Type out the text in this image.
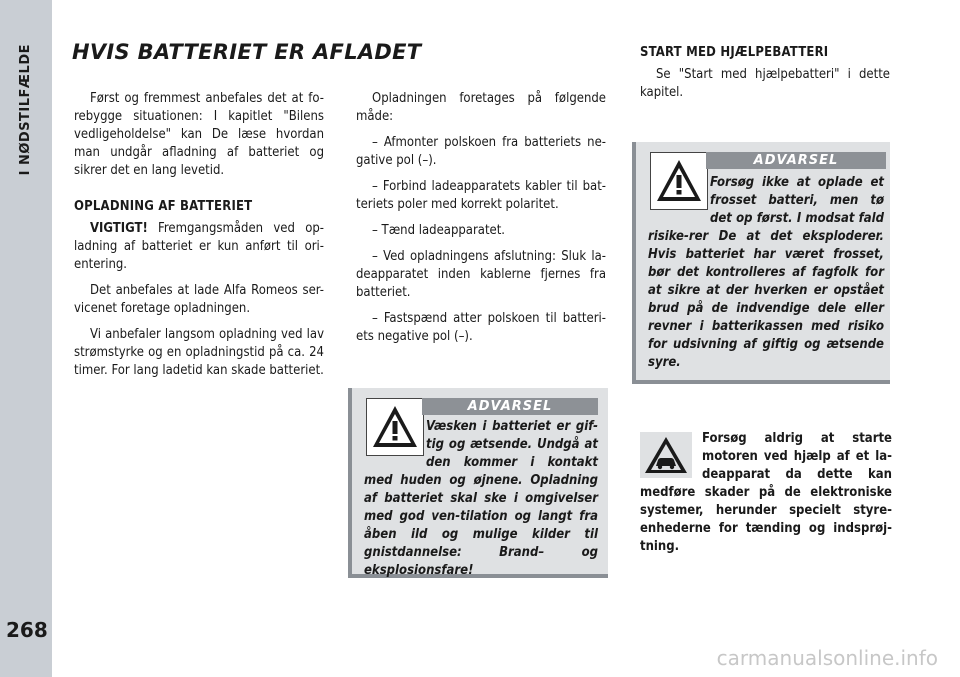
I NØDSTILFÆLDE
268
HVIS BATTERIET ER AFLADET

Først og fremmest anbefales det at fo-rebygge situationen: I kapitlet "Bilens vedligeholdelse" kan De læse hvordan man undgår afladning af batteriet og sikrer det en lang levetid.

OPLADNING AF BATTERIET

VIGTIGT! Fremgangsmåden ved op-ladning af batteriet er kun anført til ori-entering.

Det anbefales at lade Alfa Romeos ser-vicenet foretage opladningen.

Vi anbefaler langsom opladning ved lav strømstyrke og en opladningstid på ca. 24 timer. For lang ladetid kan skade batteriet.

Opladningen foretages på følgende måde:

– Afmonter polskoen fra batteriets ne-gative pol (–).

– Forbind ladeapparatets kabler til bat-teriets poler med korrekt polaritet.

– Tænd ladeapparatet.

– Ved opladningens afslutning: Sluk la-deapparatet inden kablerne fjernes fra batteriet.

– Fastspænd atter polskoen til batteri-ets negative pol (–).

ADVARSEL
Væsken i batteriet er gif-tig og ætsende. Undgå at den kommer i kontakt med huden og øjnene. Opladning af batteriet skal ske i omgivelser med god ven-tilation og langt fra åben ild og mulige kilder til gnistdannelse: Brand– og eksplosionsfare!
START MED HJÆLPEBATTERI

Se "Start med hjælpebatteri" i dette kapitel.

ADVARSEL
Forsøg ikke at oplade et frosset batteri, men tø det op først. I modsat fald risike-rer De at det eksploderer. Hvis batteriet har været frosset, bør det kontrolleres af fagfolk for at sikre at der hverken er opstået brud på de indvendige dele eller revner i batterikassen med risiko for udsivning af giftig og ætsende syre.
Forsøg aldrig at starte motoren ved hjælp af et la-deapparat da dette kan medføre skader på de elektroniske systemer, herunder specielt styre-enhederne for tænding og indsprøj-tning.
carmanualsonline.info
